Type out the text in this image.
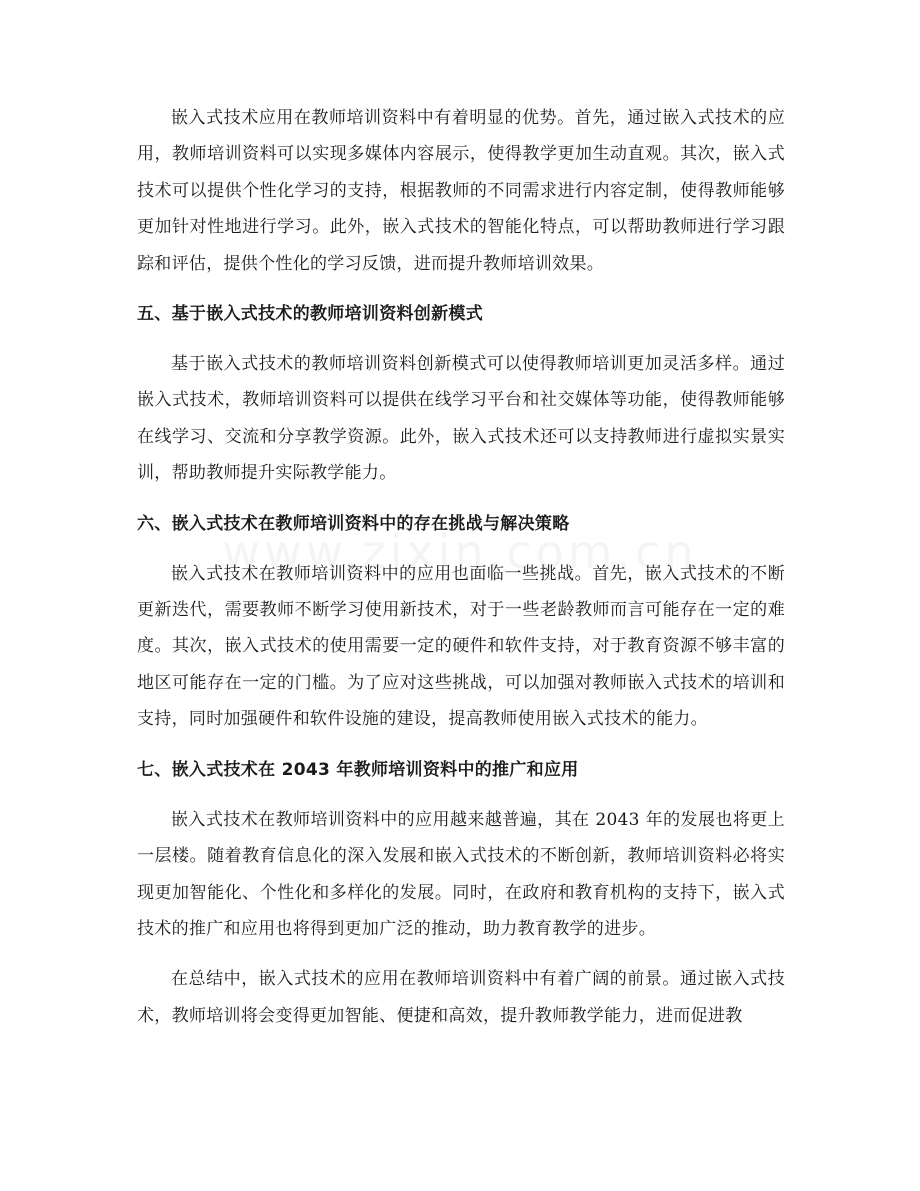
嵌入式技术应用在教师培训资料中有着明显的优势。首先，通过嵌入式技术的应用，教师培训资料可以实现多媒体内容展示，使得教学更加生动直观。其次，嵌入式技术可以提供个性化学习的支持，根据教师的不同需求进行内容定制，使得教师能够更加针对性地进行学习。此外，嵌入式技术的智能化特点，可以帮助教师进行学习跟踪和评估，提供个性化的学习反馈，进而提升教师培训效果。

五、基于嵌入式技术的教师培训资料创新模式

基于嵌入式技术的教师培训资料创新模式可以使得教师培训更加灵活多样。通过嵌入式技术，教师培训资料可以提供在线学习平台和社交媒体等功能，使得教师能够在线学习、交流和分享教学资源。此外，嵌入式技术还可以支持教师进行虚拟实景实训，帮助教师提升实际教学能力。

六、嵌入式技术在教师培训资料中的存在挑战与解决策略

嵌入式技术在教师培训资料中的应用也面临一些挑战。首先，嵌入式技术的不断更新迭代，需要教师不断学习使用新技术，对于一些老龄教师而言可能存在一定的难度。其次，嵌入式技术的使用需要一定的硬件和软件支持，对于教育资源不够丰富的地区可能存在一定的门槛。为了应对这些挑战，可以加强对教师嵌入式技术的培训和支持，同时加强硬件和软件设施的建设，提高教师使用嵌入式技术的能力。

七、嵌入式技术在 2043 年教师培训资料中的推广和应用

嵌入式技术在教师培训资料中的应用越来越普遍，其在 2043 年的发展也将更上一层楼。随着教育信息化的深入发展和嵌入式技术的不断创新，教师培训资料必将实现更加智能化、个性化和多样化的发展。同时，在政府和教育机构的支持下，嵌入式技术的推广和应用也将得到更加广泛的推动，助力教育教学的进步。

在总结中，嵌入式技术的应用在教师培训资料中有着广阔的前景。通过嵌入式技术，教师培训将会变得更加智能、便捷和高效，提升教师教学能力，进而促进教
